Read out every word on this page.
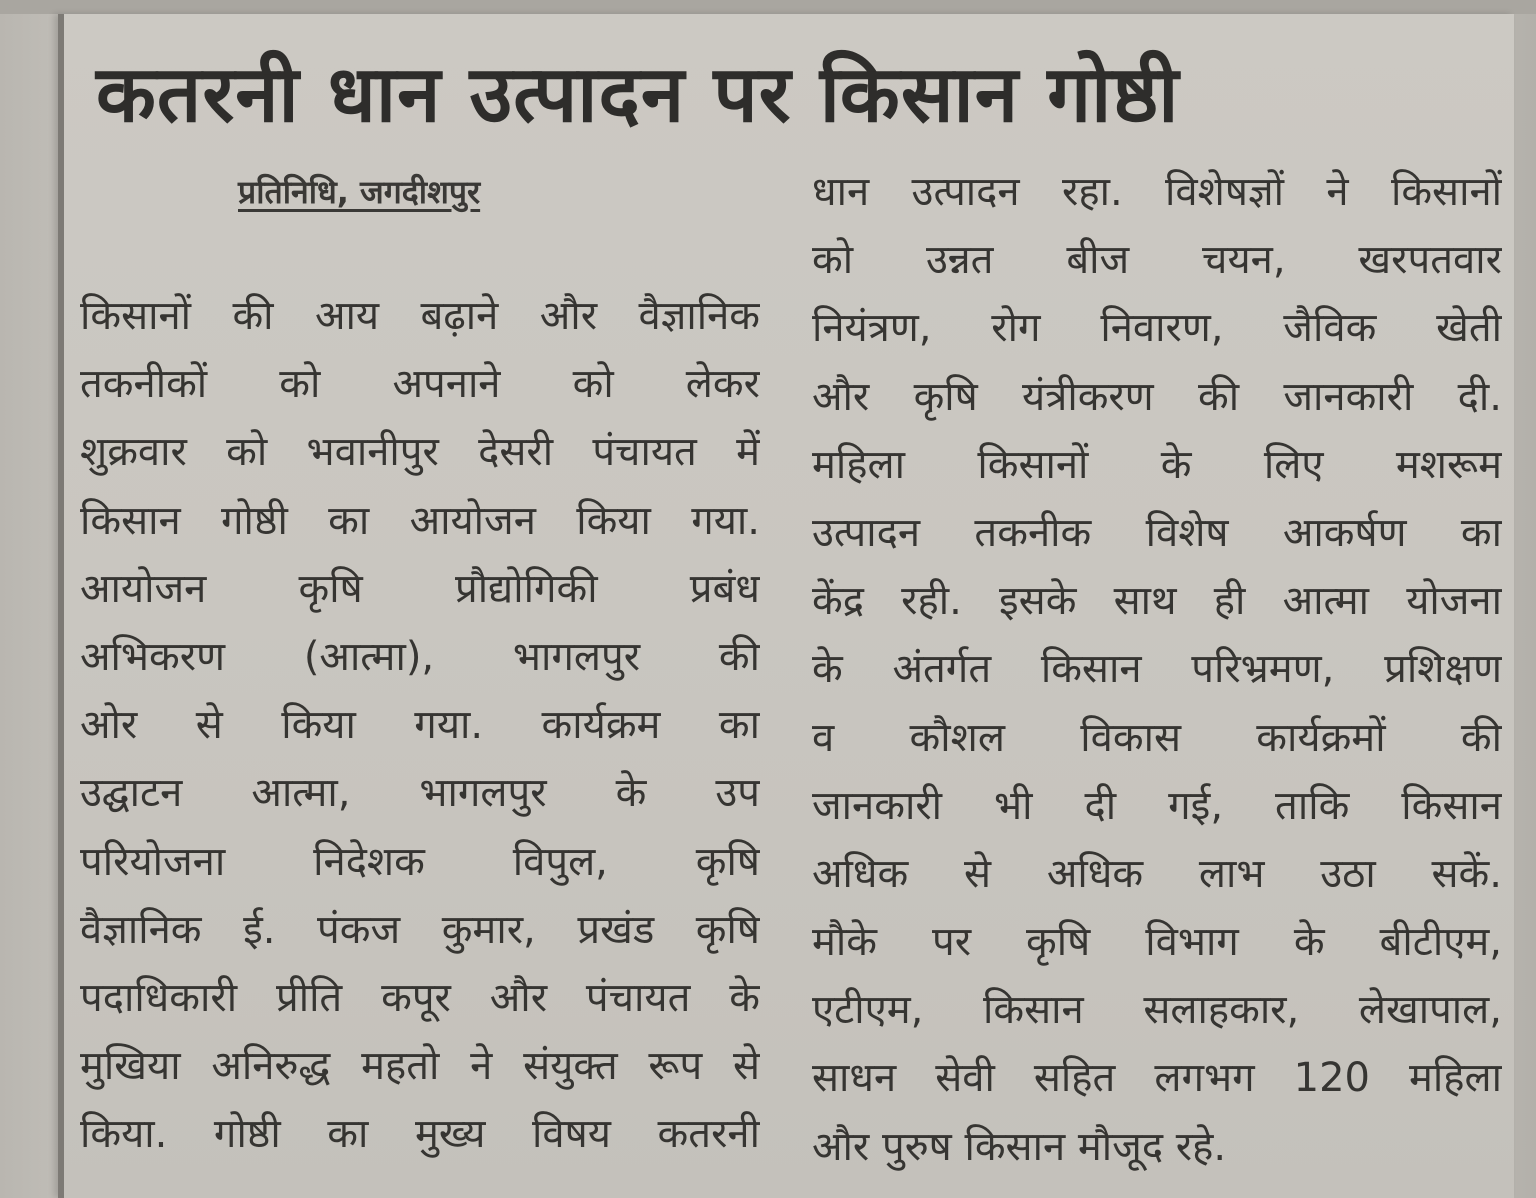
कतरनी धान उत्पादन पर किसान गोष्ठी
प्रतिनिधि, जगदीशपुर
किसानों की आय बढ़ाने और वैज्ञानिक
तकनीकों को अपनाने को लेकर
शुक्रवार को भवानीपुर देसरी पंचायत में
किसान गोष्ठी का आयोजन किया गया.
आयोजन कृषि प्रौद्योगिकी प्रबंध
अभिकरण (आत्मा), भागलपुर की
ओर से किया गया. कार्यक्रम का
उद्घाटन आत्मा, भागलपुर के उप
परियोजना निदेशक विपुल, कृषि
वैज्ञानिक ई. पंकज कुमार, प्रखंड कृषि
पदाधिकारी प्रीति कपूर और पंचायत के
मुखिया अनिरुद्ध महतो ने संयुक्त रूप से
किया. गोष्ठी का मुख्य विषय कतरनी
धान उत्पादन रहा. विशेषज्ञों ने किसानों
को उन्नत बीज चयन, खरपतवार
नियंत्रण, रोग निवारण, जैविक खेती
और कृषि यंत्रीकरण की जानकारी दी.
महिला किसानों के लिए मशरूम
उत्पादन तकनीक विशेष आकर्षण का
केंद्र रही. इसके साथ ही आत्मा योजना
के अंतर्गत किसान परिभ्रमण, प्रशिक्षण
व कौशल विकास कार्यक्रमों की
जानकारी भी दी गई, ताकि किसान
अधिक से अधिक लाभ उठा सकें.
मौके पर कृषि विभाग के बीटीएम,
एटीएम, किसान सलाहकार, लेखापाल,
साधन सेवी सहित लगभग 120 महिला
और पुरुष किसान मौजूद रहे.
